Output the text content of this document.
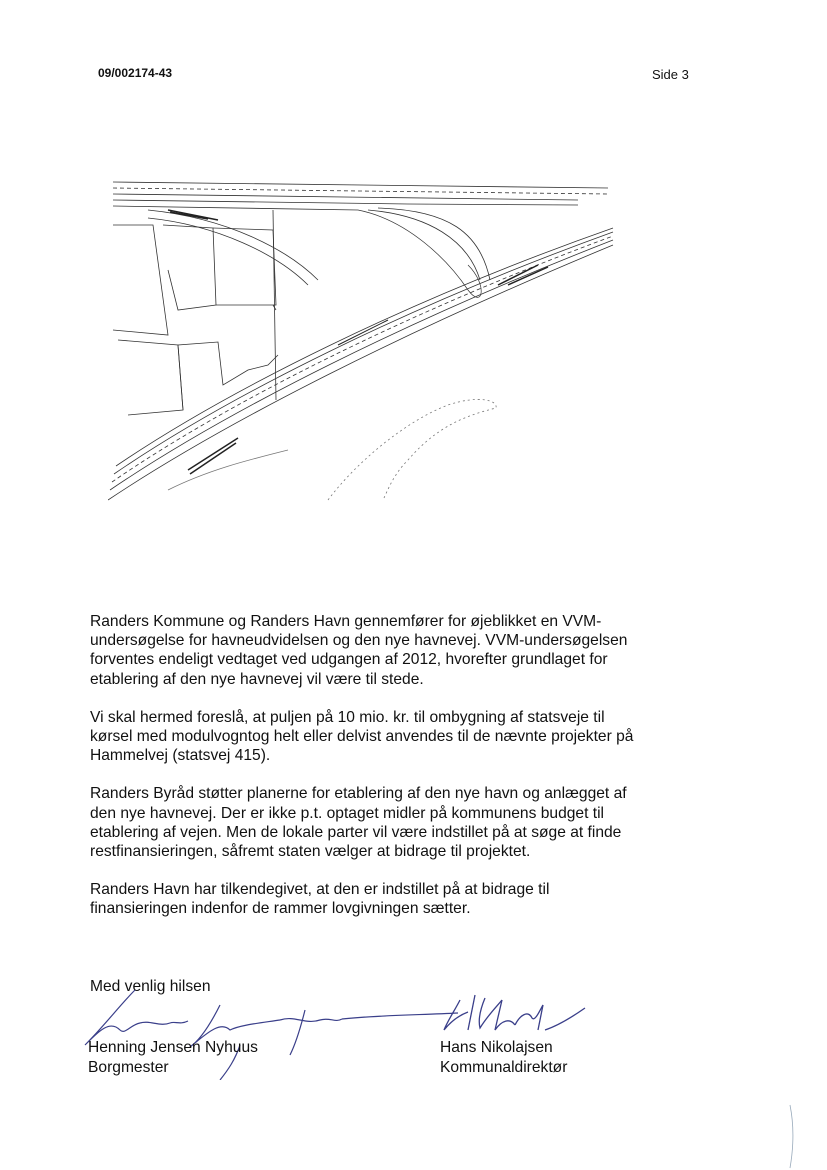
09/002174-43	Side 3

Randers Kommune og Randers Havn gennemfører for øjeblikket en VVM-undersøgelse for havneudvidelsen og den nye havnevej. VVM-undersøgelsen forventes endeligt vedtaget ved udgangen af 2012, hvorefter grundlaget for etablering af den nye havnevej vil være til stede.

Vi skal hermed foreslå, at puljen på 10 mio. kr. til ombygning af statsveje til kørsel med modulvogntog helt eller delvist anvendes til de nævnte projekter på Hammelvej (statsvej 415).

Randers Byråd støtter planerne for etablering af den nye havn og anlægget af den nye havnevej. Der er ikke p.t. optaget midler på kommunens budget til etablering af vejen. Men de lokale parter vil være indstillet på at søge at finde restfinansieringen, såfremt staten vælger at bidrage til projektet.

Randers Havn har tilkendegivet, at den er indstillet på at bidrage til finansieringen indenfor de rammer lovgivningen sætter.

Med venlig hilsen
Henning Jensen Nyhuus
Borgmester
Hans Nikolajsen
Kommunaldirektør
